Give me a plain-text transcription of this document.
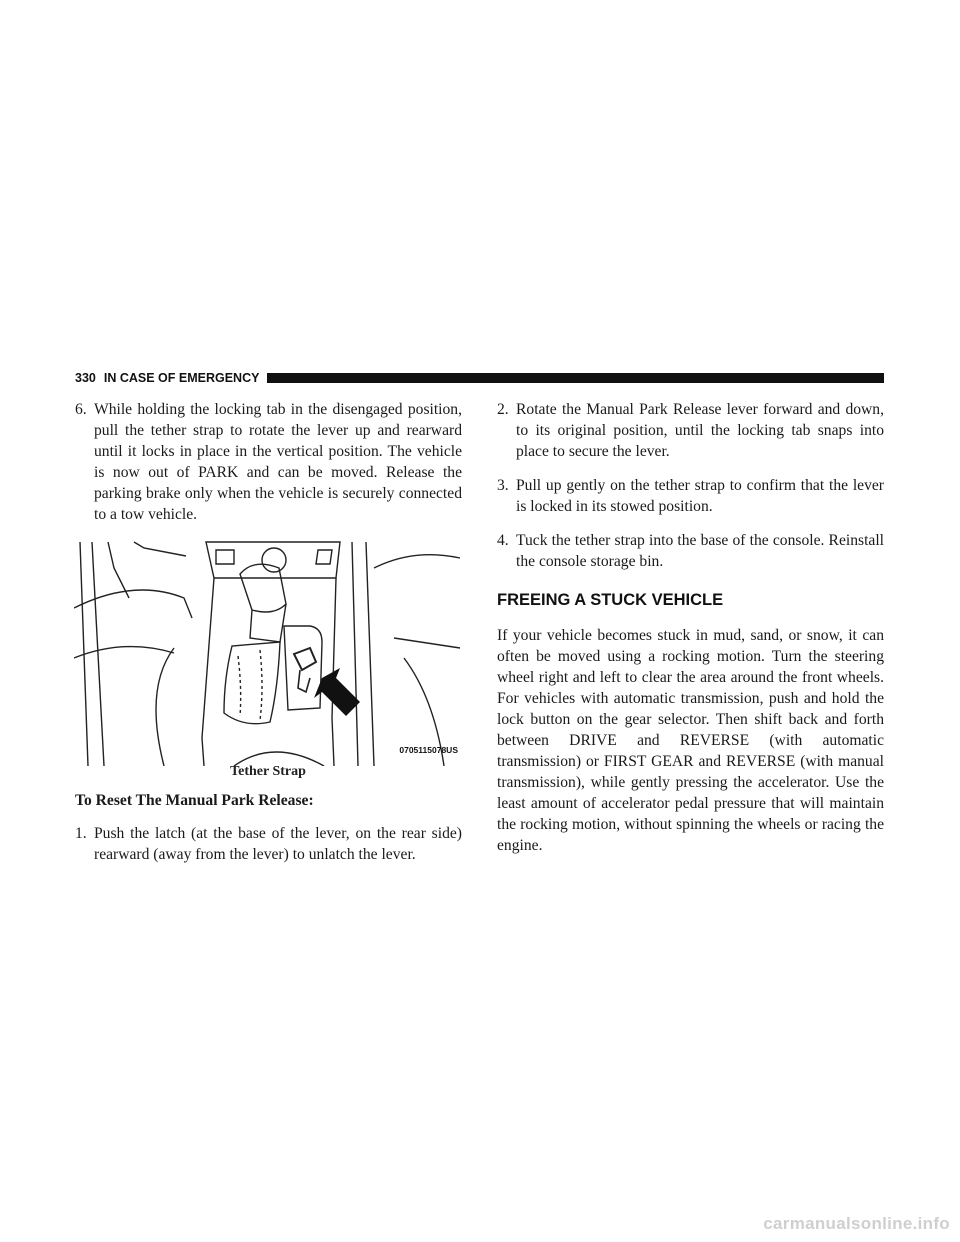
330 IN CASE OF EMERGENCY
6. While holding the locking tab in the disengaged position, pull the tether strap to rotate the lever up and rearward until it locks in place in the vertical position. The vehicle is now out of PARK and can be moved. Release the parking brake only when the vehicle is securely connected to a tow vehicle.
0705115078US
Tether Strap
To Reset The Manual Park Release:
1. Push the latch (at the base of the lever, on the rear side) rearward (away from the lever) to unlatch the lever.
2. Rotate the Manual Park Release lever forward and down, to its original position, until the locking tab snaps into place to secure the lever.
3. Pull up gently on the tether strap to confirm that the lever is locked in its stowed position.
4. Tuck the tether strap into the base of the console. Reinstall the console storage bin.
FREEING A STUCK VEHICLE

If your vehicle becomes stuck in mud, sand, or snow, it can often be moved using a rocking motion. Turn the steering wheel right and left to clear the area around the front wheels. For vehicles with automatic transmission, push and hold the lock button on the gear selector. Then shift back and forth between DRIVE and REVERSE (with automatic transmission) or FIRST GEAR and REVERSE (with manual transmission), while gently pressing the accelerator. Use the least amount of accelerator pedal pressure that will maintain the rocking motion, without spinning the wheels or racing the engine.

carmanualsonline.info
